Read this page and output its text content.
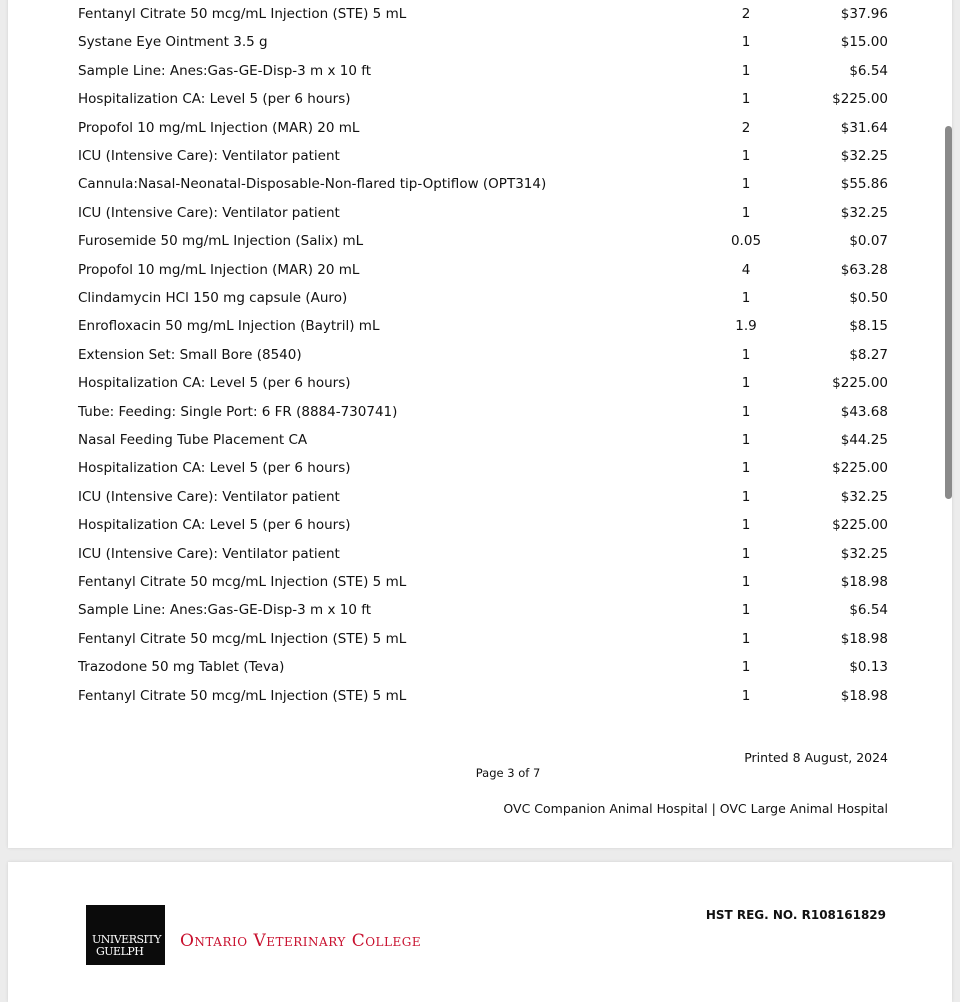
Fentanyl Citrate 50 mcg/mL Injection (STE) 5 mL	2	$37.96
Systane Eye Ointment 3.5 g	1	$15.00
Sample Line: Anes:Gas-GE-Disp-3 m x 10 ft	1	$6.54
Hospitalization CA: Level 5 (per 6 hours)	1	$225.00
Propofol 10 mg/mL Injection (MAR) 20 mL	2	$31.64
ICU (Intensive Care): Ventilator patient	1	$32.25
Cannula:Nasal-Neonatal-Disposable-Non-flared tip-Optiflow (OPT314)	1	$55.86
ICU (Intensive Care): Ventilator patient	1	$32.25
Furosemide 50 mg/mL Injection (Salix) mL	0.05	$0.07
Propofol 10 mg/mL Injection (MAR) 20 mL	4	$63.28
Clindamycin HCl 150 mg capsule (Auro)	1	$0.50
Enrofloxacin 50 mg/mL Injection (Baytril) mL	1.9	$8.15
Extension Set: Small Bore (8540)	1	$8.27
Hospitalization CA: Level 5 (per 6 hours)	1	$225.00
Tube: Feeding: Single Port: 6 FR (8884-730741)	1	$43.68
Nasal Feeding Tube Placement CA	1	$44.25
Hospitalization CA: Level 5 (per 6 hours)	1	$225.00
ICU (Intensive Care): Ventilator patient	1	$32.25
Hospitalization CA: Level 5 (per 6 hours)	1	$225.00
ICU (Intensive Care): Ventilator patient	1	$32.25
Fentanyl Citrate 50 mcg/mL Injection (STE) 5 mL	1	$18.98
Sample Line: Anes:Gas-GE-Disp-3 m x 10 ft	1	$6.54
Fentanyl Citrate 50 mcg/mL Injection (STE) 5 mL	1	$18.98
Trazodone 50 mg Tablet (Teva)	1	$0.13
Fentanyl Citrate 50 mcg/mL Injection (STE) 5 mL	1	$18.98
Page 3 of 7
Printed 8 August, 2024
OVC Companion Animal Hospital | OVC Large Animal Hospital
UNIVERSITY
GUELPH
Ontario Veterinary College
HST REG. NO. R108161829
